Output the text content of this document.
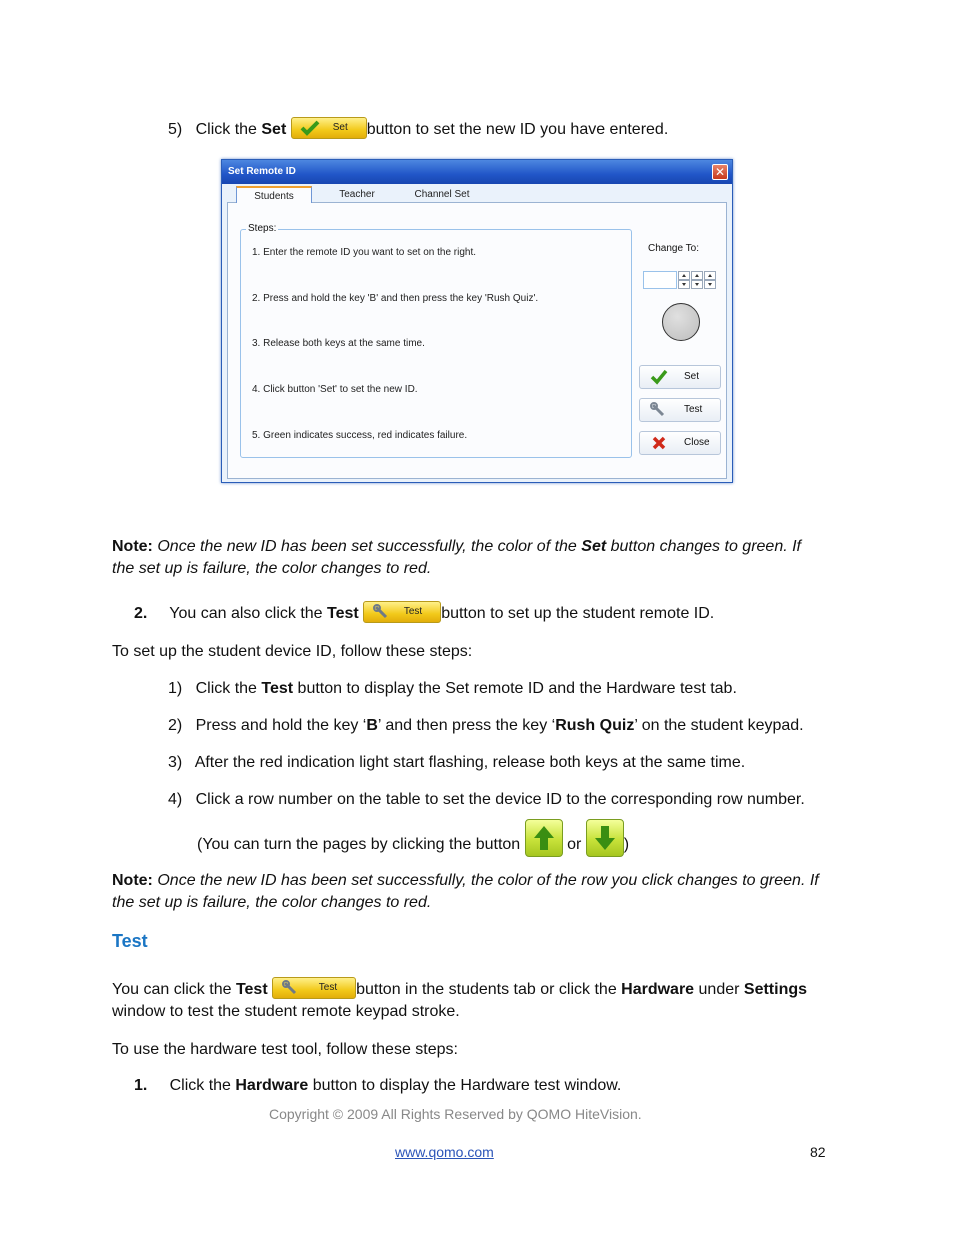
5) Click the Set	Set button to set the new ID you have entered.
Set Remote ID	✕
Steps:
1. Enter the remote ID you want to set on the right.
2. Press and hold the key 'B' and then press the key 'Rush Quiz'.
3. Release both keys at the same time.
4. Click button 'Set' to set the new ID.
5. Green indicates success, red indicates failure.
Change To:
Set
Test
Close
Students	Teacher	Channel Set
Note: Once the new ID has been set successfully, the color of the Set button changes to green. If
the set up is failure, the color changes to red.
2. You can also click the Test	Test button to set up the student remote ID.
To set up the student device ID, follow these steps:
1) Click the Test button to display the Set remote ID and the Hardware test tab.
2) Press and hold the key ‘B’ and then press the key ‘Rush Quiz’ on the student keypad.
3) After the red indication light start flashing, release both keys at the same time.
4) Click a row number on the table to set the device ID to the corresponding row number.
(You can turn the pages by clicking the button
or
)
Note: Once the new ID has been set successfully, the color of the row you click changes to green. If
the set up is failure, the color changes to red.
Test
You can click the Test	Test button in the students tab or click the Hardware under Settings
window to test the student remote keypad stroke.
To use the hardware test tool, follow these steps:
1. Click the Hardware button to display the Hardware test window.
Copyright © 2009 All Rights Reserved by QOMO HiteVision.
www.qomo.com	82
